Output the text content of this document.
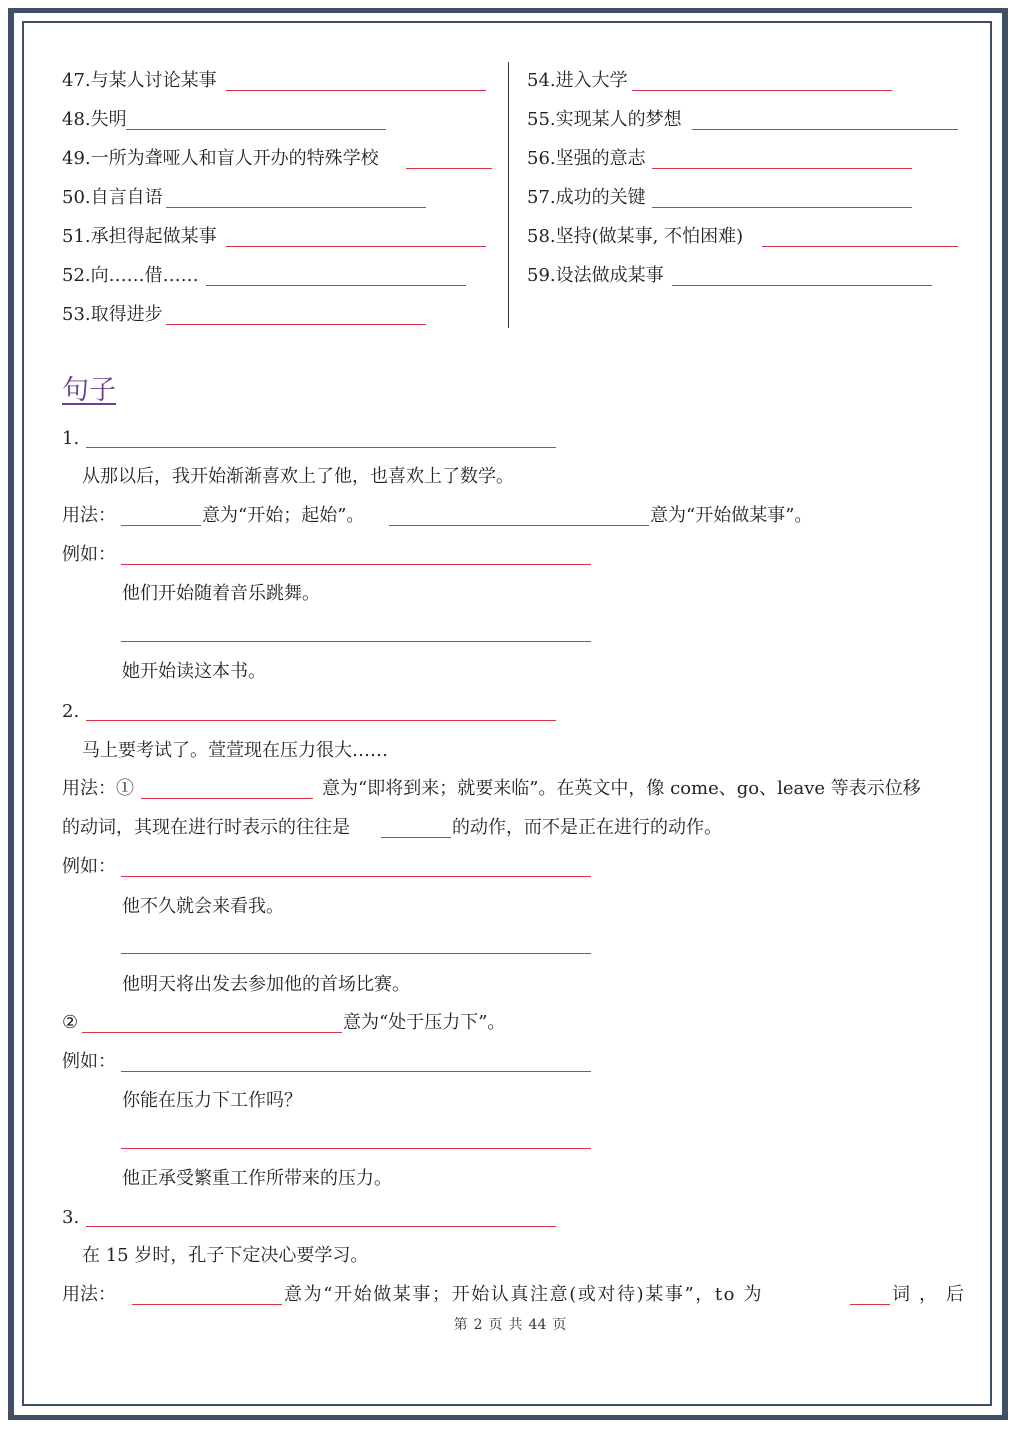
47.与某人讨论某事
48.失明
49.一所为聋哑人和盲人开办的特殊学校
50.自言自语
51.承担得起做某事
52.向……借……
53.取得进步
54.进入大学
55.实现某人的梦想
56.坚强的意志
57.成功的关键
58.坚持(做某事, 不怕困难)
59.设法做成某事
句子
1.
从那以后，我开始渐渐喜欢上了他，也喜欢上了数学。
用法：	意为“开始；起始”。	意为“开始做某事”。
例如：
他们开始随着音乐跳舞。
她开始读这本书。
2.
马上要考试了。萱萱现在压力很大……
用法：①	意为“即将到来；就要来临”。在英文中，像 come、go、leave 等表示位移
的动词，其现在进行时表示的往往是	的动作，而不是正在进行的动作。
例如：
他不久就会来看我。
他明天将出发去参加他的首场比赛。
②	意为“处于压力下”。
例如：
你能在压力下工作吗？
他正承受繁重工作所带来的压力。
3.
在 15 岁时，孔子下定决心要学习。
用法：	意为“开始做某事；开始认真注意(或对待)某事”，to 为	词，后
第 2 页 共 44 页
